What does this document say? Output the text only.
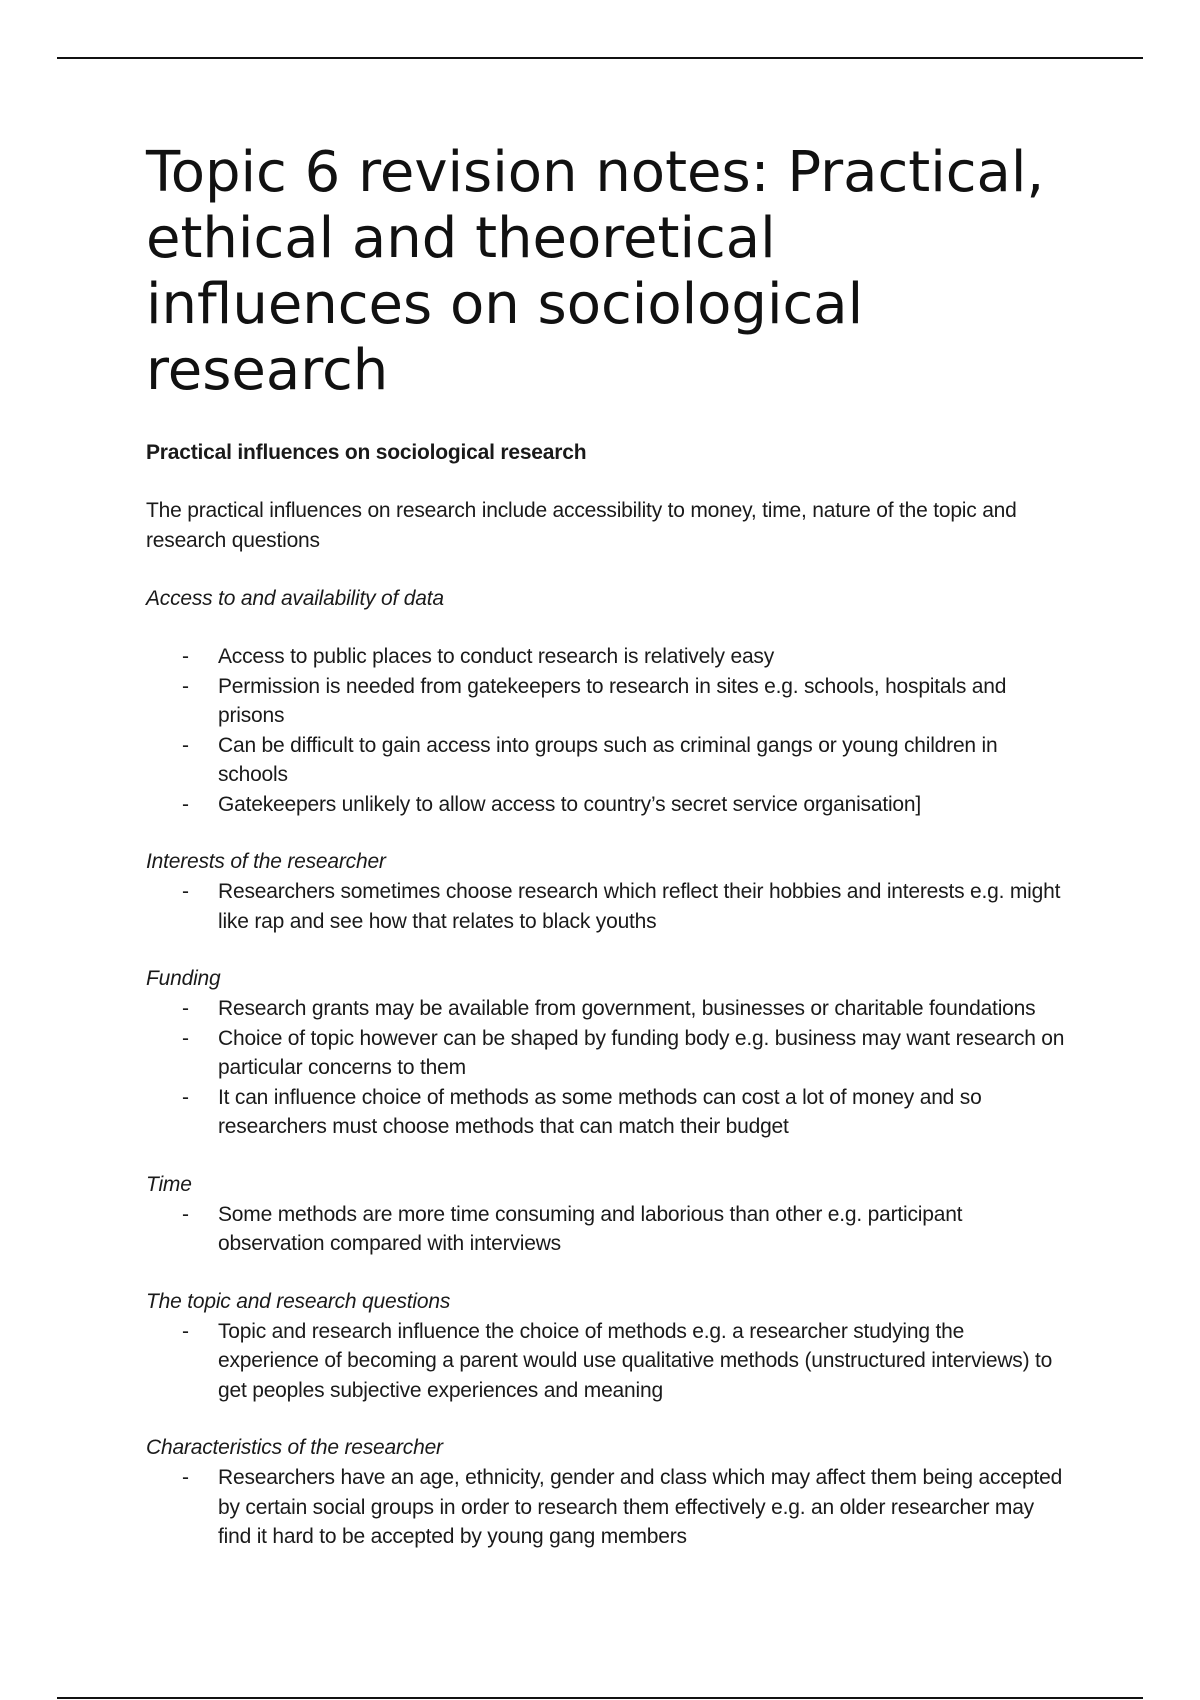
Topic 6 revision notes: Practical, ethical and theoretical influences on sociological research
Practical influences on sociological research

The practical influences on research include accessibility to money, time, nature of the topic and research questions

Access to and availability of data
- Access to public places to conduct research is relatively easy
- Permission is needed from gatekeepers to research in sites e.g. schools, hospitals and prisons
- Can be difficult to gain access into groups such as criminal gangs or young children in schools
- Gatekeepers unlikely to allow access to country’s secret service organisation]
Interests of the researcher
- Researchers sometimes choose research which reflect their hobbies and interests e.g. might like rap and see how that relates to black youths
Funding
- Research grants may be available from government, businesses or charitable foundations
- Choice of topic however can be shaped by funding body e.g. business may want research on particular concerns to them
- It can influence choice of methods as some methods can cost a lot of money and so researchers must choose methods that can match their budget
Time
- Some methods are more time consuming and laborious than other e.g. participant observation compared with interviews
The topic and research questions
- Topic and research influence the choice of methods e.g. a researcher studying the experience of becoming a parent would use qualitative methods (unstructured interviews) to get peoples subjective experiences and meaning
Characteristics of the researcher
- Researchers have an age, ethnicity, gender and class which may affect them being accepted by certain social groups in order to research them effectively e.g. an older researcher may find it hard to be accepted by young gang members
